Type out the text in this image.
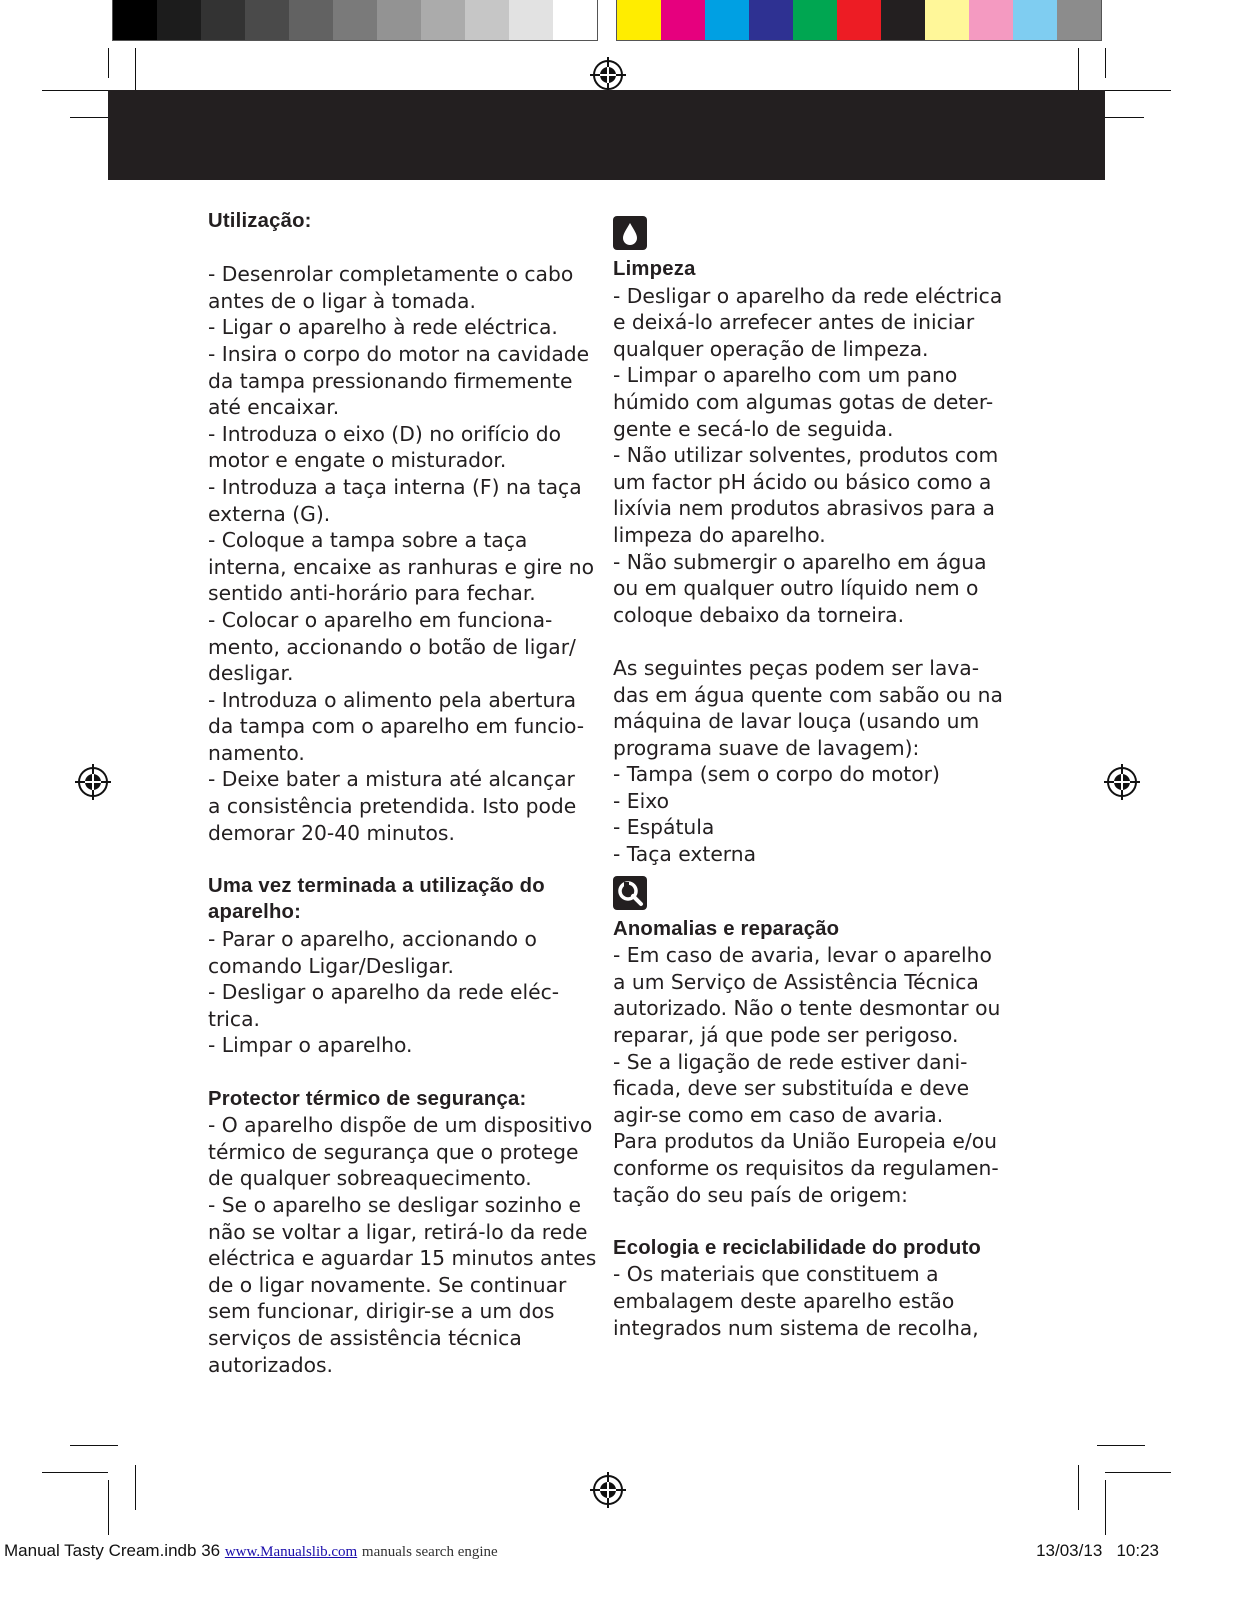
Utilização:

- Desenrolar completamente o cabo

antes de o ligar à tomada.

- Ligar o aparelho à rede eléctrica.

- Insira o corpo do motor na cavidade

da tampa pressionando firmemente

até encaixar.

- Introduza o eixo (D) no orifício do

motor e engate o misturador.

- Introduza a taça interna (F) na taça

externa (G).

- Coloque a tampa sobre a taça

interna, encaixe as ranhuras e gire no

sentido anti-horário para fechar.

- Colocar o aparelho em funciona-

mento, accionando o botão de ligar/

desligar.

- Introduza o alimento pela abertura

da tampa com o aparelho em funcio-

namento.

- Deixe bater a mistura até alcançar

a consistência pretendida. Isto pode

demorar 20-40 minutos.

Uma vez terminada a utilização do

aparelho:

- Parar o aparelho, accionando o

comando Ligar/Desligar.

- Desligar o aparelho da rede eléc-

trica.

- Limpar o aparelho.

Protector térmico de segurança:

- O aparelho dispõe de um dispositivo

térmico de segurança que o protege

de qualquer sobreaquecimento.

- Se o aparelho se desligar sozinho e

não se voltar a ligar, retirá-lo da rede

eléctrica e aguardar 15 minutos antes

de o ligar novamente. Se continuar

sem funcionar, dirigir-se a um dos

serviços de assistência técnica

autorizados.

Limpeza

- Desligar o aparelho da rede eléctrica

e deixá-lo arrefecer antes de iniciar

qualquer operação de limpeza.

- Limpar o aparelho com um pano

húmido com algumas gotas de deter-

gente e secá-lo de seguida.

- Não utilizar solventes, produtos com

um factor pH ácido ou básico como a

lixívia nem produtos abrasivos para a

limpeza do aparelho.

- Não submergir o aparelho em água

ou em qualquer outro líquido nem o

coloque debaixo da torneira.

As seguintes peças podem ser lava-

das em água quente com sabão ou na

máquina de lavar louça (usando um

programa suave de lavagem):

- Tampa (sem o corpo do motor)

- Eixo

- Espátula

- Taça externa

Anomalias e reparação

- Em caso de avaria, levar o aparelho

a um Serviço de Assistência Técnica

autorizado. Não o tente desmontar ou

reparar, já que pode ser perigoso.

- Se a ligação de rede estiver dani-

ficada, deve ser substituída e deve

agir-se como em caso de avaria.

Para produtos da União Europeia e/ou

conforme os requisitos da regulamen-

tação do seu país de origem:

Ecologia e reciclabilidade do produto

- Os materiais que constituem a

embalagem deste aparelho estão

integrados num sistema de recolha,

Manual Tasty Cream.indb 36 www.Manualslib.com manuals search engine	13/03/13 10:23
